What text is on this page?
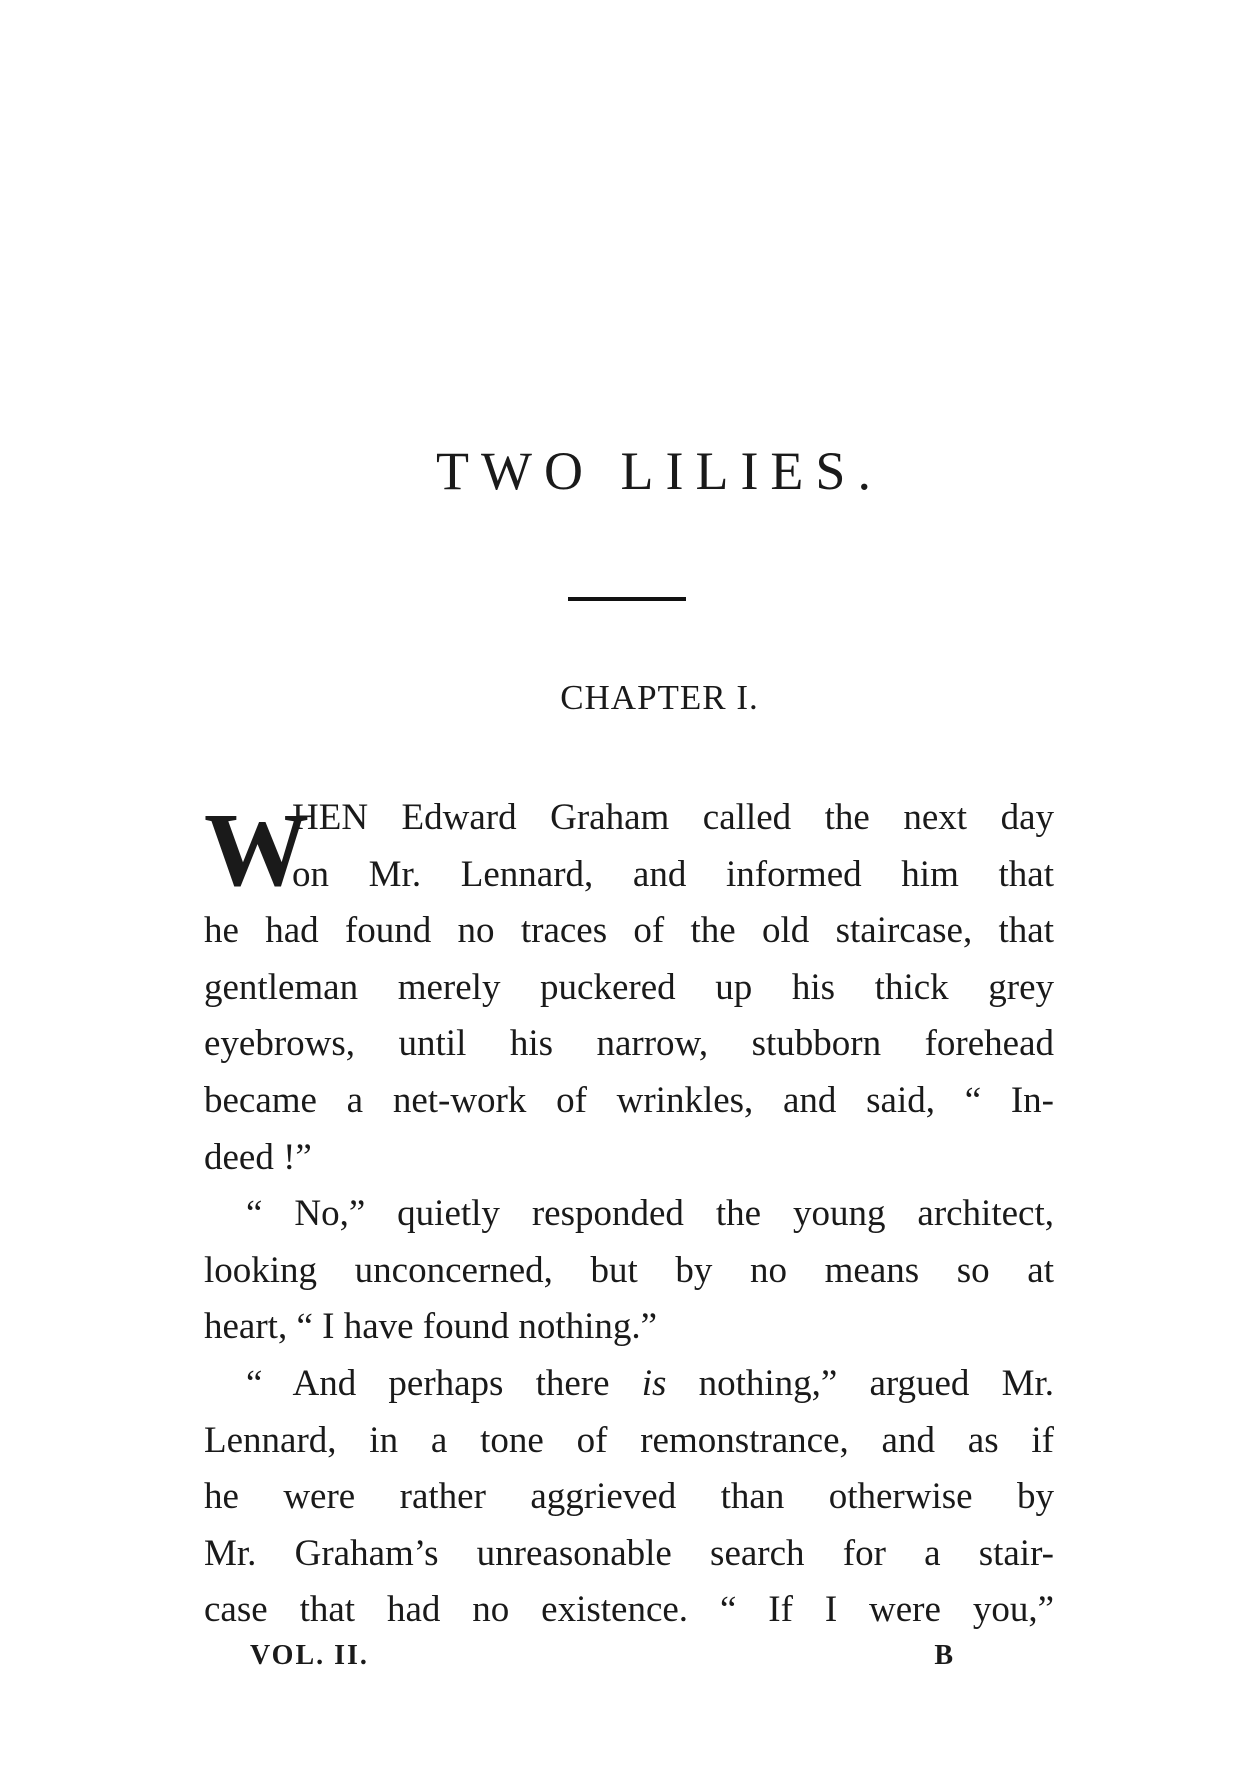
TWO LILIES.
CHAPTER I.
W
HEN Edward Graham called the next day
on Mr. Lennard, and informed him that
he had found no traces of the old staircase, that
gentleman merely puckered up his thick grey
eyebrows, until his narrow, stubborn forehead
became a net-work of wrinkles, and said, “ In-
deed !”
“ No,” quietly responded the young architect,
looking unconcerned, but by no means so at
heart, “ I have found nothing.”
“ And perhaps there is nothing,” argued Mr.
Lennard, in a tone of remonstrance, and as if
he were rather aggrieved than otherwise by
Mr. Graham’s unreasonable search for a stair-
case that had no existence. “ If I were you,”
VOL. II.	B
